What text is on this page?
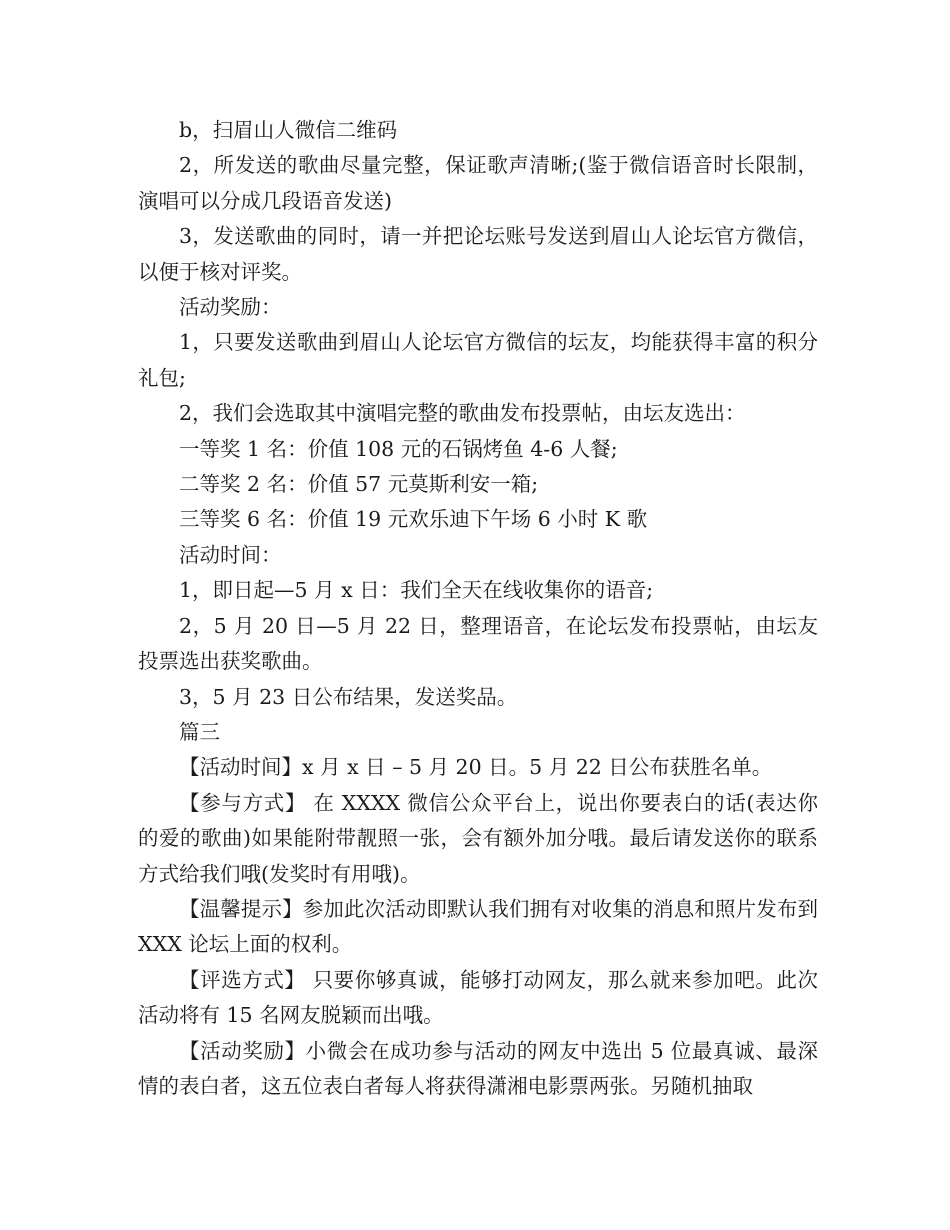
b，扫眉山人微信二维码

2，所发送的歌曲尽量完整，保证歌声清晰;(鉴于微信语音时长限制，演唱可以分成几段语音发送)

3，发送歌曲的同时，请一并把论坛账号发送到眉山人论坛官方微信，以便于核对评奖。

活动奖励：

1，只要发送歌曲到眉山人论坛官方微信的坛友，均能获得丰富的积分礼包;

2，我们会选取其中演唱完整的歌曲发布投票帖，由坛友选出：

一等奖 1 名：价值 108 元的石锅烤鱼 4-6 人餐;

二等奖 2 名：价值 57 元莫斯利安一箱;

三等奖 6 名：价值 19 元欢乐迪下午场 6 小时 K 歌

活动时间：

1，即日起—5 月 x 日：我们全天在线收集你的语音;

2，5 月 20 日—5 月 22 日，整理语音，在论坛发布投票帖，由坛友投票选出获奖歌曲。

3，5 月 23 日公布结果，发送奖品。

篇三

【活动时间】x 月 x 日 – 5 月 20 日。5 月 22 日公布获胜名单。

【参与方式】 在 XXXX 微信公众平台上，说出你要表白的话(表达你的爱的歌曲)如果能附带靓照一张，会有额外加分哦。最后请发送你的联系方式给我们哦(发奖时有用哦)。

【温馨提示】参加此次活动即默认我们拥有对收集的消息和照片发布到 XXX 论坛上面的权利。

【评选方式】 只要你够真诚，能够打动网友，那么就来参加吧。此次活动将有 15 名网友脱颖而出哦。

【活动奖励】小微会在成功参与活动的网友中选出 5 位最真诚、最深情的表白者，这五位表白者每人将获得潇湘电影票两张。另随机抽取
